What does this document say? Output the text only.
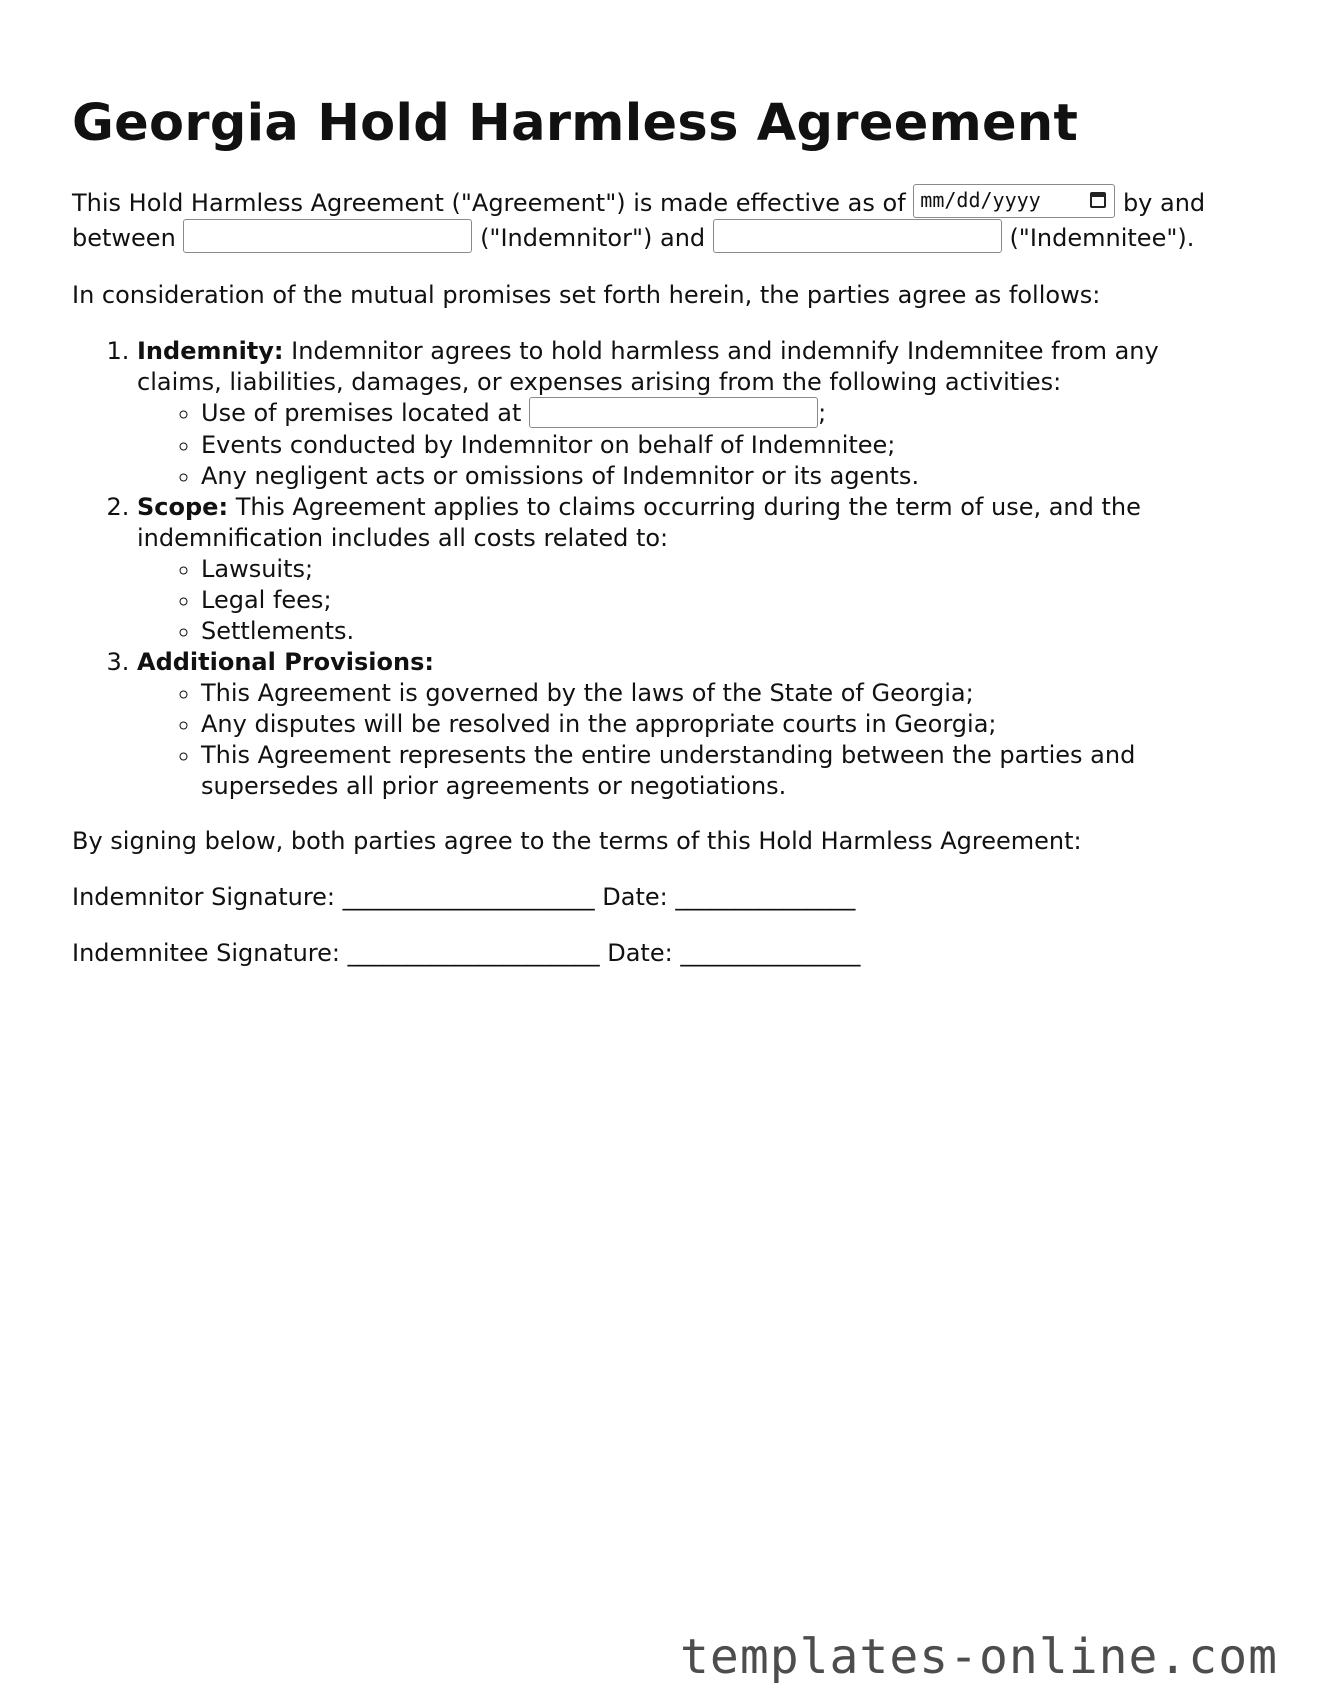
Georgia Hold Harmless Agreement

This Hold Harmless Agreement ("Agreement") is made effective as of mm/dd/yyyy	by and between	("Indemnitor") and	("Indemnitee").

In consideration of the mutual promises set forth herein, the parties agree as follows:

1. Indemnity: Indemnitor agrees to hold harmless and indemnify Indemnitee from any claims, liabilities, damages, or expenses arising from the following activities:
◦ Use of premises located at	;
◦ Events conducted by Indemnitor on behalf of Indemnitee;
◦ Any negligent acts or omissions of Indemnitor or its agents.
2. Scope: This Agreement applies to claims occurring during the term of use, and the indemnification includes all costs related to:
◦ Lawsuits;
◦ Legal fees;
◦ Settlements.
3. Additional Provisions:
◦ This Agreement is governed by the laws of the State of Georgia;
◦ Any disputes will be resolved in the appropriate courts in Georgia;
◦ This Agreement represents the entire understanding between the parties and supersedes all prior agreements or negotiations.

By signing below, both parties agree to the terms of this Hold Harmless Agreement:

Indemnitor Signature: _____________________ Date: _______________

Indemnitee Signature: _____________________ Date: _______________

templates-online.com
